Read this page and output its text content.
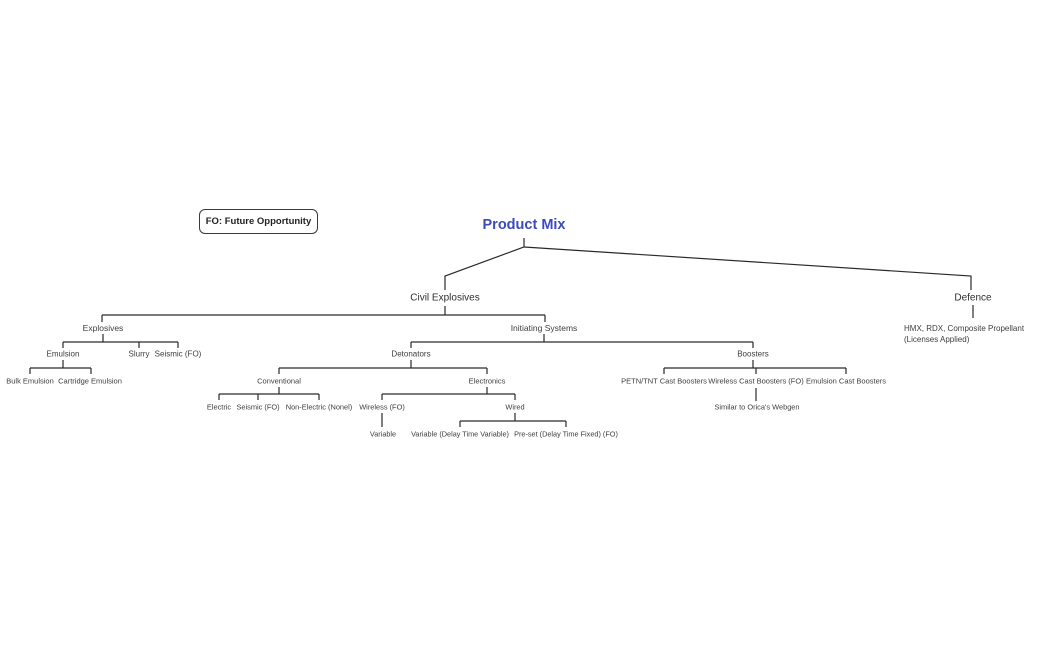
FO: Future Opportunity	Product Mix
Civil Explosives	Defence
Explosives	Initiating Systems	HMX, RDX, Composite Propellant (Licenses Applied)
Emulsion	Slurry Seismic (FO)	Detonators	Boosters
Bulk Emulsion Cartridge Emulsion	Conventional	Electronics	PETN/TNT Cast Boosters Wireless Cast Boosters (FO) Emulsion Cast Boosters
Electric Seismic (FO) Non-Electric (Nonel) Wireless (FO)	Wired	Similar to Orica's Webgen
Variable Variable (Delay Time Variable) Pre-set (Delay Time Fixed) (FO)
